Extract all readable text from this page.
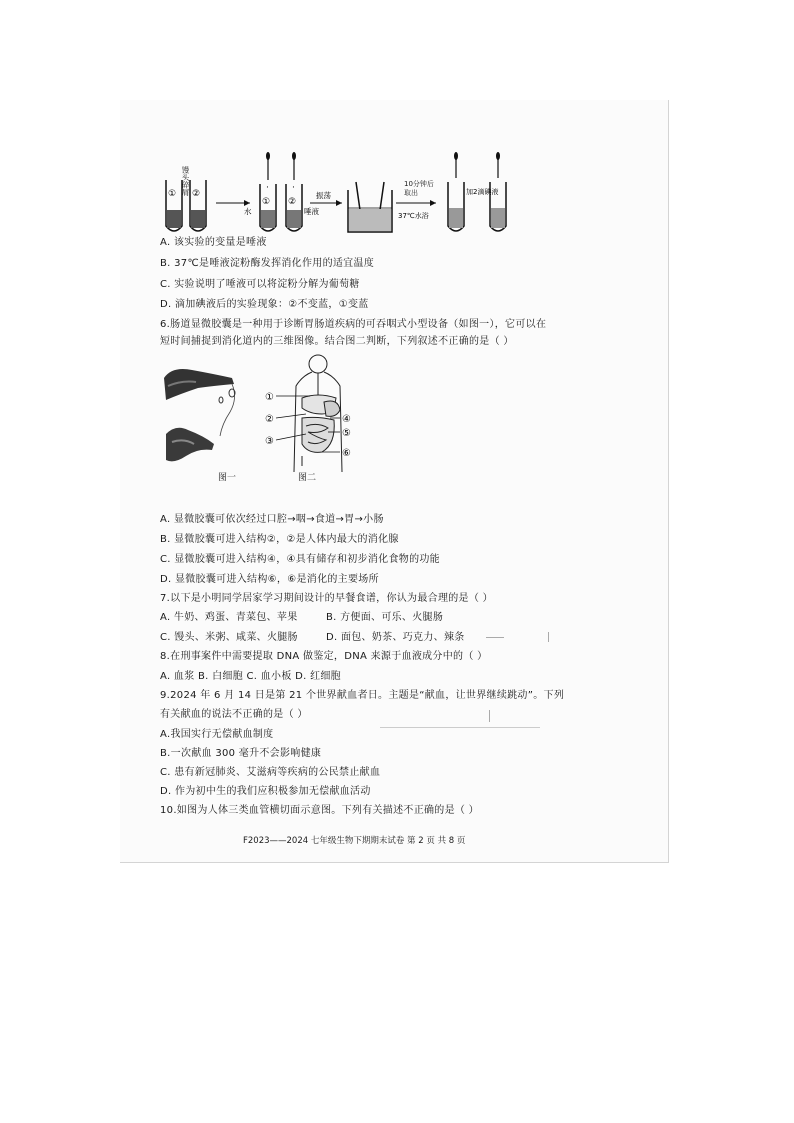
① ②
① ②
·	·
水	唾液
振荡
37℃水浴
加2滴碘液
馒头碎屑	10分钟后取出
A. 该实验的变量是唾液
B. 37℃是唾液淀粉酶发挥消化作用的适宜温度
C. 实验说明了唾液可以将淀粉分解为葡萄糖
D. 滴加碘液后的实验现象：②不变蓝，①变蓝
6.肠道显微胶囊是一种用于诊断胃肠道疾病的可吞咽式小型设备（如图一），它可以在
短时间捕捉到消化道内的三维图像。结合图二判断，下列叙述不正确的是（ ）
图一
①
②
③
④
⑤
⑥
图二
A. 显微胶囊可依次经过口腔→咽→食道→胃→小肠
B. 显微胶囊可进入结构②，②是人体内最大的消化腺
C. 显微胶囊可进入结构④，④具有储存和初步消化食物的功能
D. 显微胶囊可进入结构⑥，⑥是消化的主要场所
7.以下是小明同学居家学习期间设计的早餐食谱，你认为最合理的是（ ）
A. 牛奶、鸡蛋、青菜包、苹果	B. 方便面、可乐、火腿肠
C. 馒头、米粥、咸菜、火腿肠	D. 面包、奶茶、巧克力、辣条
8.在刑事案件中需要提取 DNA 做鉴定，DNA 来源于血液成分中的（ ）
A. 血浆 B. 白细胞 C. 血小板 D. 红细胞
9.2024 年 6 月 14 日是第 21 个世界献血者日。主题是“献血，让世界继续跳动”。下列
有关献血的说法不正确的是（ ）
A.我国实行无偿献血制度
B.一次献血 300 毫升不会影响健康
C. 患有新冠肺炎、艾滋病等疾病的公民禁止献血
D. 作为初中生的我们应积极参加无偿献血活动
10.如图为人体三类血管横切面示意图。下列有关描述不正确的是（ ）
F2023——2024 七年级生物下期期末试卷 第 2 页 共 8 页
